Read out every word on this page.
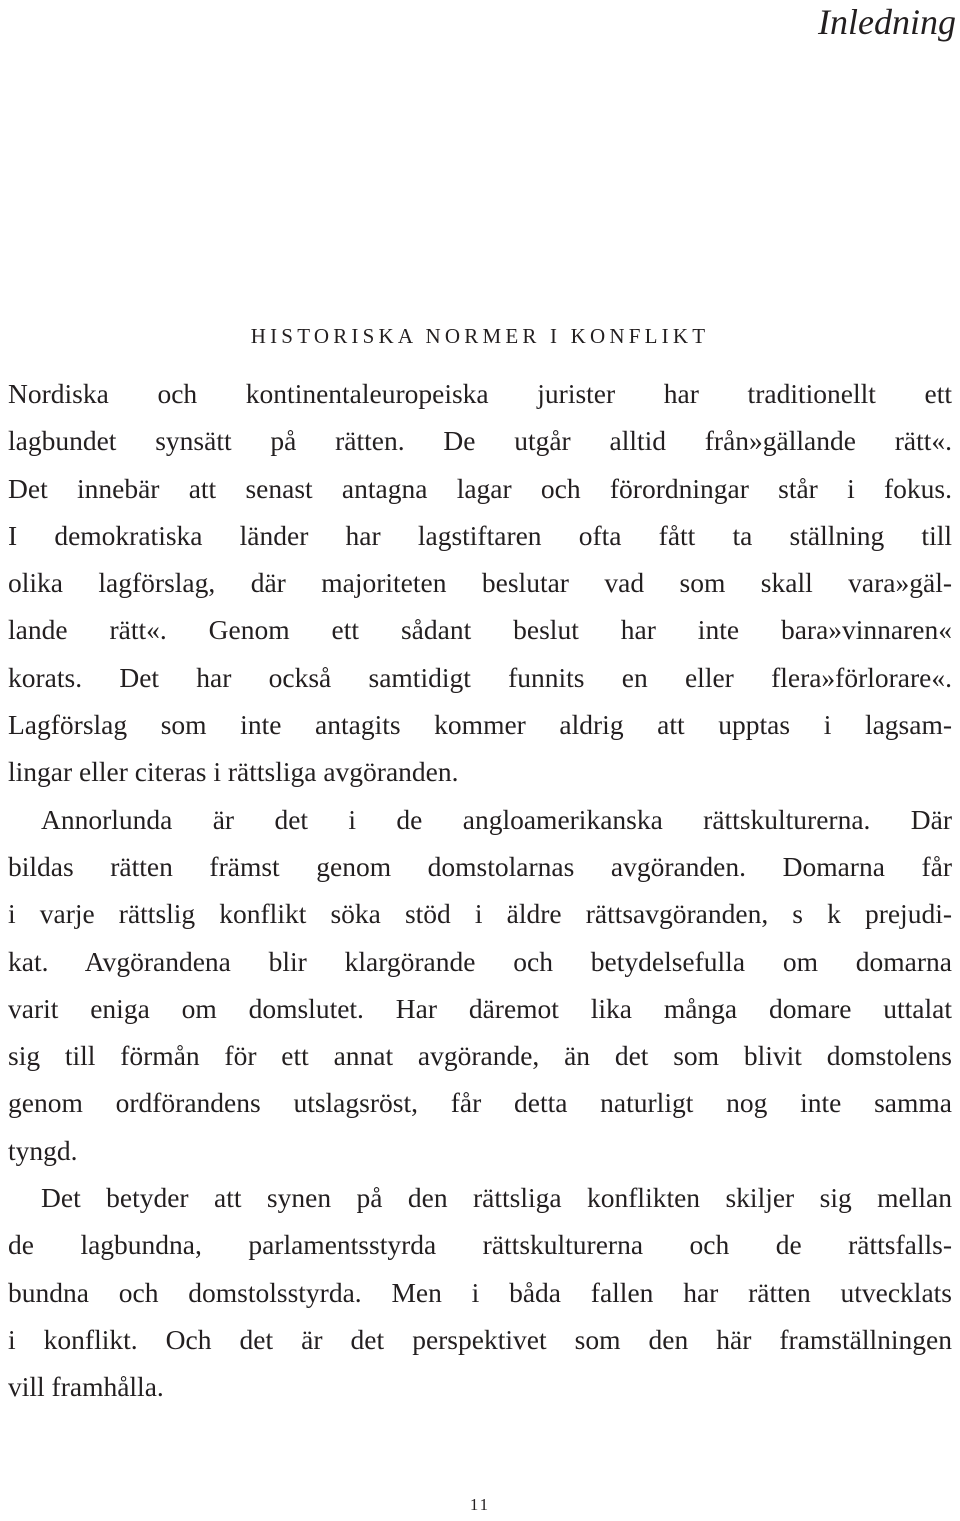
Inledning
HISTORISKA NORMER I KONFLIKT

Nordiska och kontinentaleuropeiska jurister har traditionellt ett
lagbundet synsätt på rätten. De utgår alltid från»gällande rätt«.
Det innebär att senast antagna lagar och förordningar står i fokus.
I demokratiska länder har lagstiftaren ofta fått ta ställning till
olika lagförslag, där majoriteten beslutar vad som skall vara»gäl-
lande rätt«. Genom ett sådant beslut har inte bara»vinnaren«
korats. Det har också samtidigt funnits en eller flera»förlorare«.
Lagförslag som inte antagits kommer aldrig att upptas i lagsam-
lingar eller citeras i rättsliga avgöranden.

Annorlunda är det i de angloamerikanska rättskulturerna. Där
bildas rätten främst genom domstolarnas avgöranden. Domarna får
i varje rättslig konflikt söka stöd i äldre rättsavgöranden, s k prejudi-
kat. Avgörandena blir klargörande och betydelsefulla om domarna
varit eniga om domslutet. Har däremot lika många domare uttalat
sig till förmån för ett annat avgörande, än det som blivit domstolens
genom ordförandens utslagsröst, får detta naturligt nog inte samma
tyngd.

Det betyder att synen på den rättsliga konflikten skiljer sig mellan
de lagbundna, parlamentsstyrda rättskulturerna och de rättsfalls-
bundna och domstolsstyrda. Men i båda fallen har rätten utvecklats
i konflikt. Och det är det perspektivet som den här framställningen
vill framhålla.

11
